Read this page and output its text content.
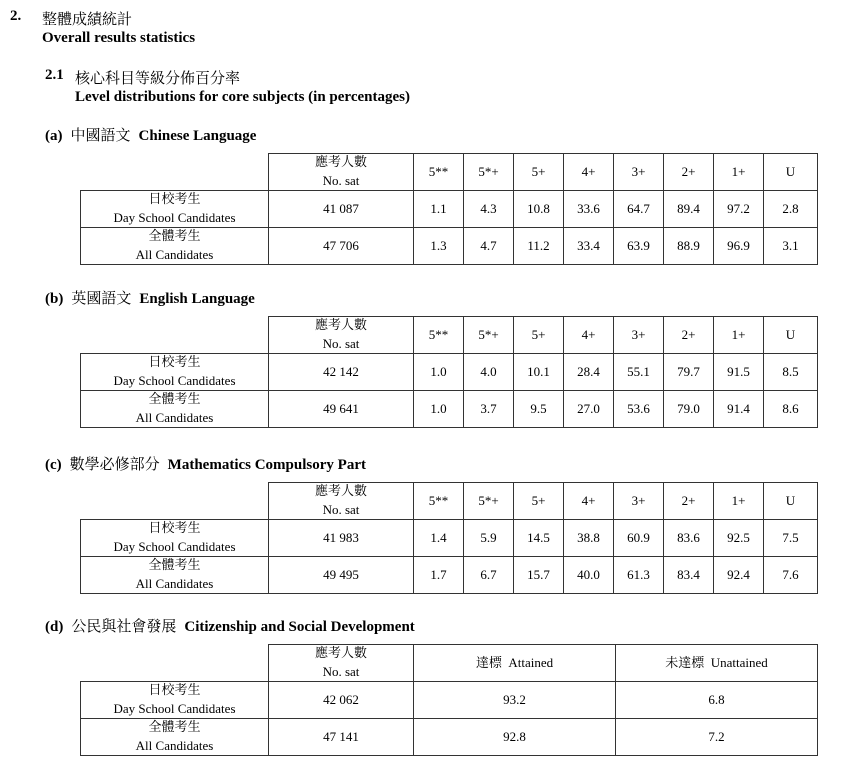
2. 整體成績統計
Overall results statistics
2.1 核心科目等級分佈百分率
Level distributions for core subjects (in percentages)
(a) 中國語文 Chinese Language
(b) 英國語文 English Language
(c) 數學必修部分 Mathematics Compulsory Part
(d) 公民與社會發展 Citizenship and Social Development

	應考人數
No. sat	5**	5*+	5+	4+	3+	2+	1+	U

日校考生
Day School Candidates	41 087	1.1	4.3	10.8	33.6	64.7	89.4	97.2	2.8

全體考生
All Candidates	47 706	1.3	4.7	11.2	33.4	63.9	88.9	96.9	3.1

	應考人數
No. sat	5**	5*+	5+	4+	3+	2+	1+	U

日校考生
Day School Candidates	42 142	1.0	4.0	10.1	28.4	55.1	79.7	91.5	8.5

全體考生
All Candidates	49 641	1.0	3.7	9.5	27.0	53.6	79.0	91.4	8.6

	應考人數
No. sat	5**	5*+	5+	4+	3+	2+	1+	U

日校考生
Day School Candidates	41 983	1.4	5.9	14.5	38.8	60.9	83.6	92.5	7.5

全體考生
All Candidates	49 495	1.7	6.7	15.7	40.0	61.3	83.4	92.4	7.6

	應考人數
No. sat	達標 Attained	未達標 Unattained

日校考生
Day School Candidates	42 062	93.2	6.8

全體考生
All Candidates	47 141	92.8	7.2
